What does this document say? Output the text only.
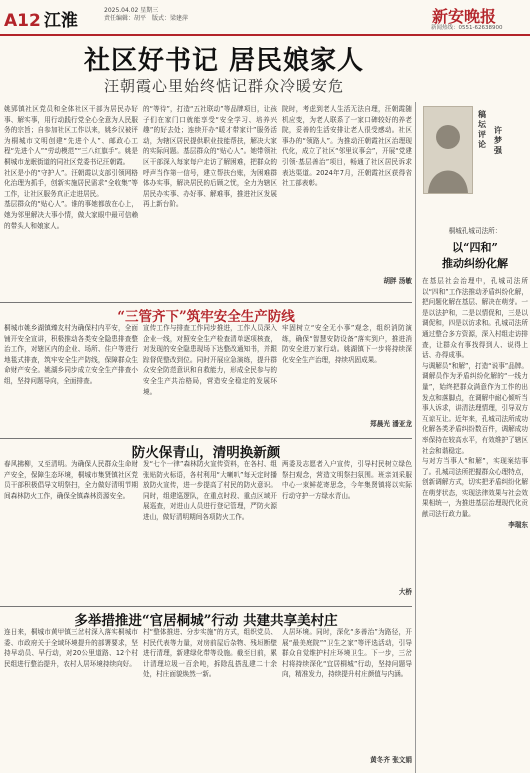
A12 江淮
2025.04.02 星期三
责任编辑：胡平　版式：梁建萍	新安晚报
新闻热线：0551-62638900
社区好书记 居民娘家人
汪朝霞心里始终惦记群众冷暖安危

姚郢镇社区党员和全体社区干部为居民办好事、解实事，用行动践行党全心全意为人民服务的宗旨；自参加社区工作以来，姚乡汉被评为桐城市文明创建“先进个人”、邮政心工程“先进个人”“劳动模范”“三八红旗手”。姚是桐城市龙眠街道的同社区党委书记汪朝霞。

社区是小的“守护人”。汪朝霞以支部引领网格化治理为抓手，创新实施居民需求“全收集”等工作，让社区服务真正走进居民。

基层群众的“贴心人”。谁的事她都放在心上，她为邻里解决大事小情，做大家眼中最可信赖的带头人和娘家人。

的“等待”，打造“五社联动”等品牌项目，让孩子们在家门口就能享受“安全学习、培养兴趣”的好去处；连续开办“暖才带家计”服务活动，为辖区居民提供职业技能帮扶，解决大家的实际问题。基层群众的“贴心人”。她带领社区干部深入每家每户走访了解困难，把群众的呼声当作第一信号，建立帮扶台账，为困难群体办实事，解决居民的后顾之忧，全力为辖区居民办实事、办好事、解难事，推进社区发展再上新台阶。

院时，考虑到老人生活无法自理，汪朝霞随机应变，为老人联系了一家口碑较好的养老院，妥善的生活安排让老人很受感动。社区事办的“领路人”。为推动汪朝霞社区治理现代化，成立了社区“邻里议事会”，开展“党建引领·基层善治”项目，畅通了社区居民诉求表达渠道。2024年7月，汪朝霞社区获得省社工部表彰。

胡胖 汤敏

“三管齐下”筑牢安全生产防线

桐城市姚乡湖镇臻友村为确保村内平安，全面铺开安全宣讲，积极推动各类安全隐患排查整治工作，对辖区内的企业、场所、住户等进行地毯式排查，筑牢安全生产防线，保障群众生命财产安全。姚湖乡同步成立安全生产排查小组，坚持问题导向，全面排查。

宣传工作与排查工作同步推进，工作人员深入企业一线，对照安全生产检查清单逐项核查，对发现的安全隐患现场下达整改通知书，并跟踪督促整改到位。同时开展应急演练，提升群众安全防范意识和自救能力，形成全民参与的安全生产共治格局，营造安全稳定的发展环境。

牢固树立“安全无小事”观念，组织消防演练，确保“智慧安防设备”落实到户，推进消防安全进万家行动。姚湖镇下一步将持续深化安全生产治理，持续巩固成果。

郑晨光 潘亚龙

防火保青山，清明换新颜

春风拂柳，又至清明。为确保人民群众生命财产安全，保障生态环境，桐城市集贤镇社区党员干部积极倡导文明祭扫，全力做好清明节期间森林防火工作，确保全镇森林资源安全。

发“七个一律”森林防火宣传资料，在各村、组张贴防火标语，各村利用“大喇叭”每天定时播放防火宣传，进一步提高了村民的防火意识。同时，组建巡逻队，在重点时段、重点区域开展巡查，对进山人员进行登记管理，严防火源进山，做好清明期间各项防火工作。

两委及志愿者入户宣传，引导村民树立绿色祭扫观念，营造文明祭扫氛围。班亲刘采服中心一束鲜花寄思念，今年集贤镇将以实际行动守护一方绿水青山。

大桥

多举措推进“官居桐城”行动 共建共享美村庄

连日来，桐城市黄甲镇三岔村深入落实桐城市委、市政府关于全域环境提升的部署要求，坚持早动员、早行动，对20公里道路、12个村民组进行整治提升，农村人居环境持续向好。

村“整体推进、分步实施”的方式，组织党员、村民代表等力量，对房前屋后杂物、残垣断壁进行清理，新建绿化带等设施。截至目前，累计清理垃圾一百余吨，拆除乱搭乱建二十余处，村庄面貌焕然一新。

人居环境。同时，深化“多善治”为路径，开展“最美庭院”“卫生之家”等评选活动，引导群众自觉维护村庄环境卫生。下一步，三岔村将持续深化“宜居桐城”行动，坚持问题导向，精准发力，持续提升村庄颜值与内涵。

黄冬齐 张文娟

稿坛评论
许梦强

桐城孔城司法所：

以“四和”
推动纠纷化解

在基层社会治理中，孔城司法所以“四和”工作法推动矛盾纠纷化解，把问题化解在基层、解决在萌芽。一是以法护和，二是以情促和，三是以调促和，四是以访求和。孔城司法所通过整合多方资源，深入村组走访排查，让群众有事找得到人、说得上话、办得成事。

与调解员“和解”，打造“说事”品牌。调解员作为矛盾纠纷化解的“一线力量”，始终把群众满意作为工作的出发点和落脚点，在调解中耐心倾听当事人诉求，讲清法理情理，引导双方互谅互让。近年来，孔城司法所成功化解各类矛盾纠纷数百件，调解成功率保持在较高水平，有效维护了辖区社会和谐稳定。

与对方当事人“和解”，实现案结事了。孔城司法所把握群众心理特点，创新调解方式，切实把矛盾纠纷化解在萌芽状态，实现法律效果与社会效果相统一，为推进基层治理现代化贡献司法行政力量。

李瑞东
